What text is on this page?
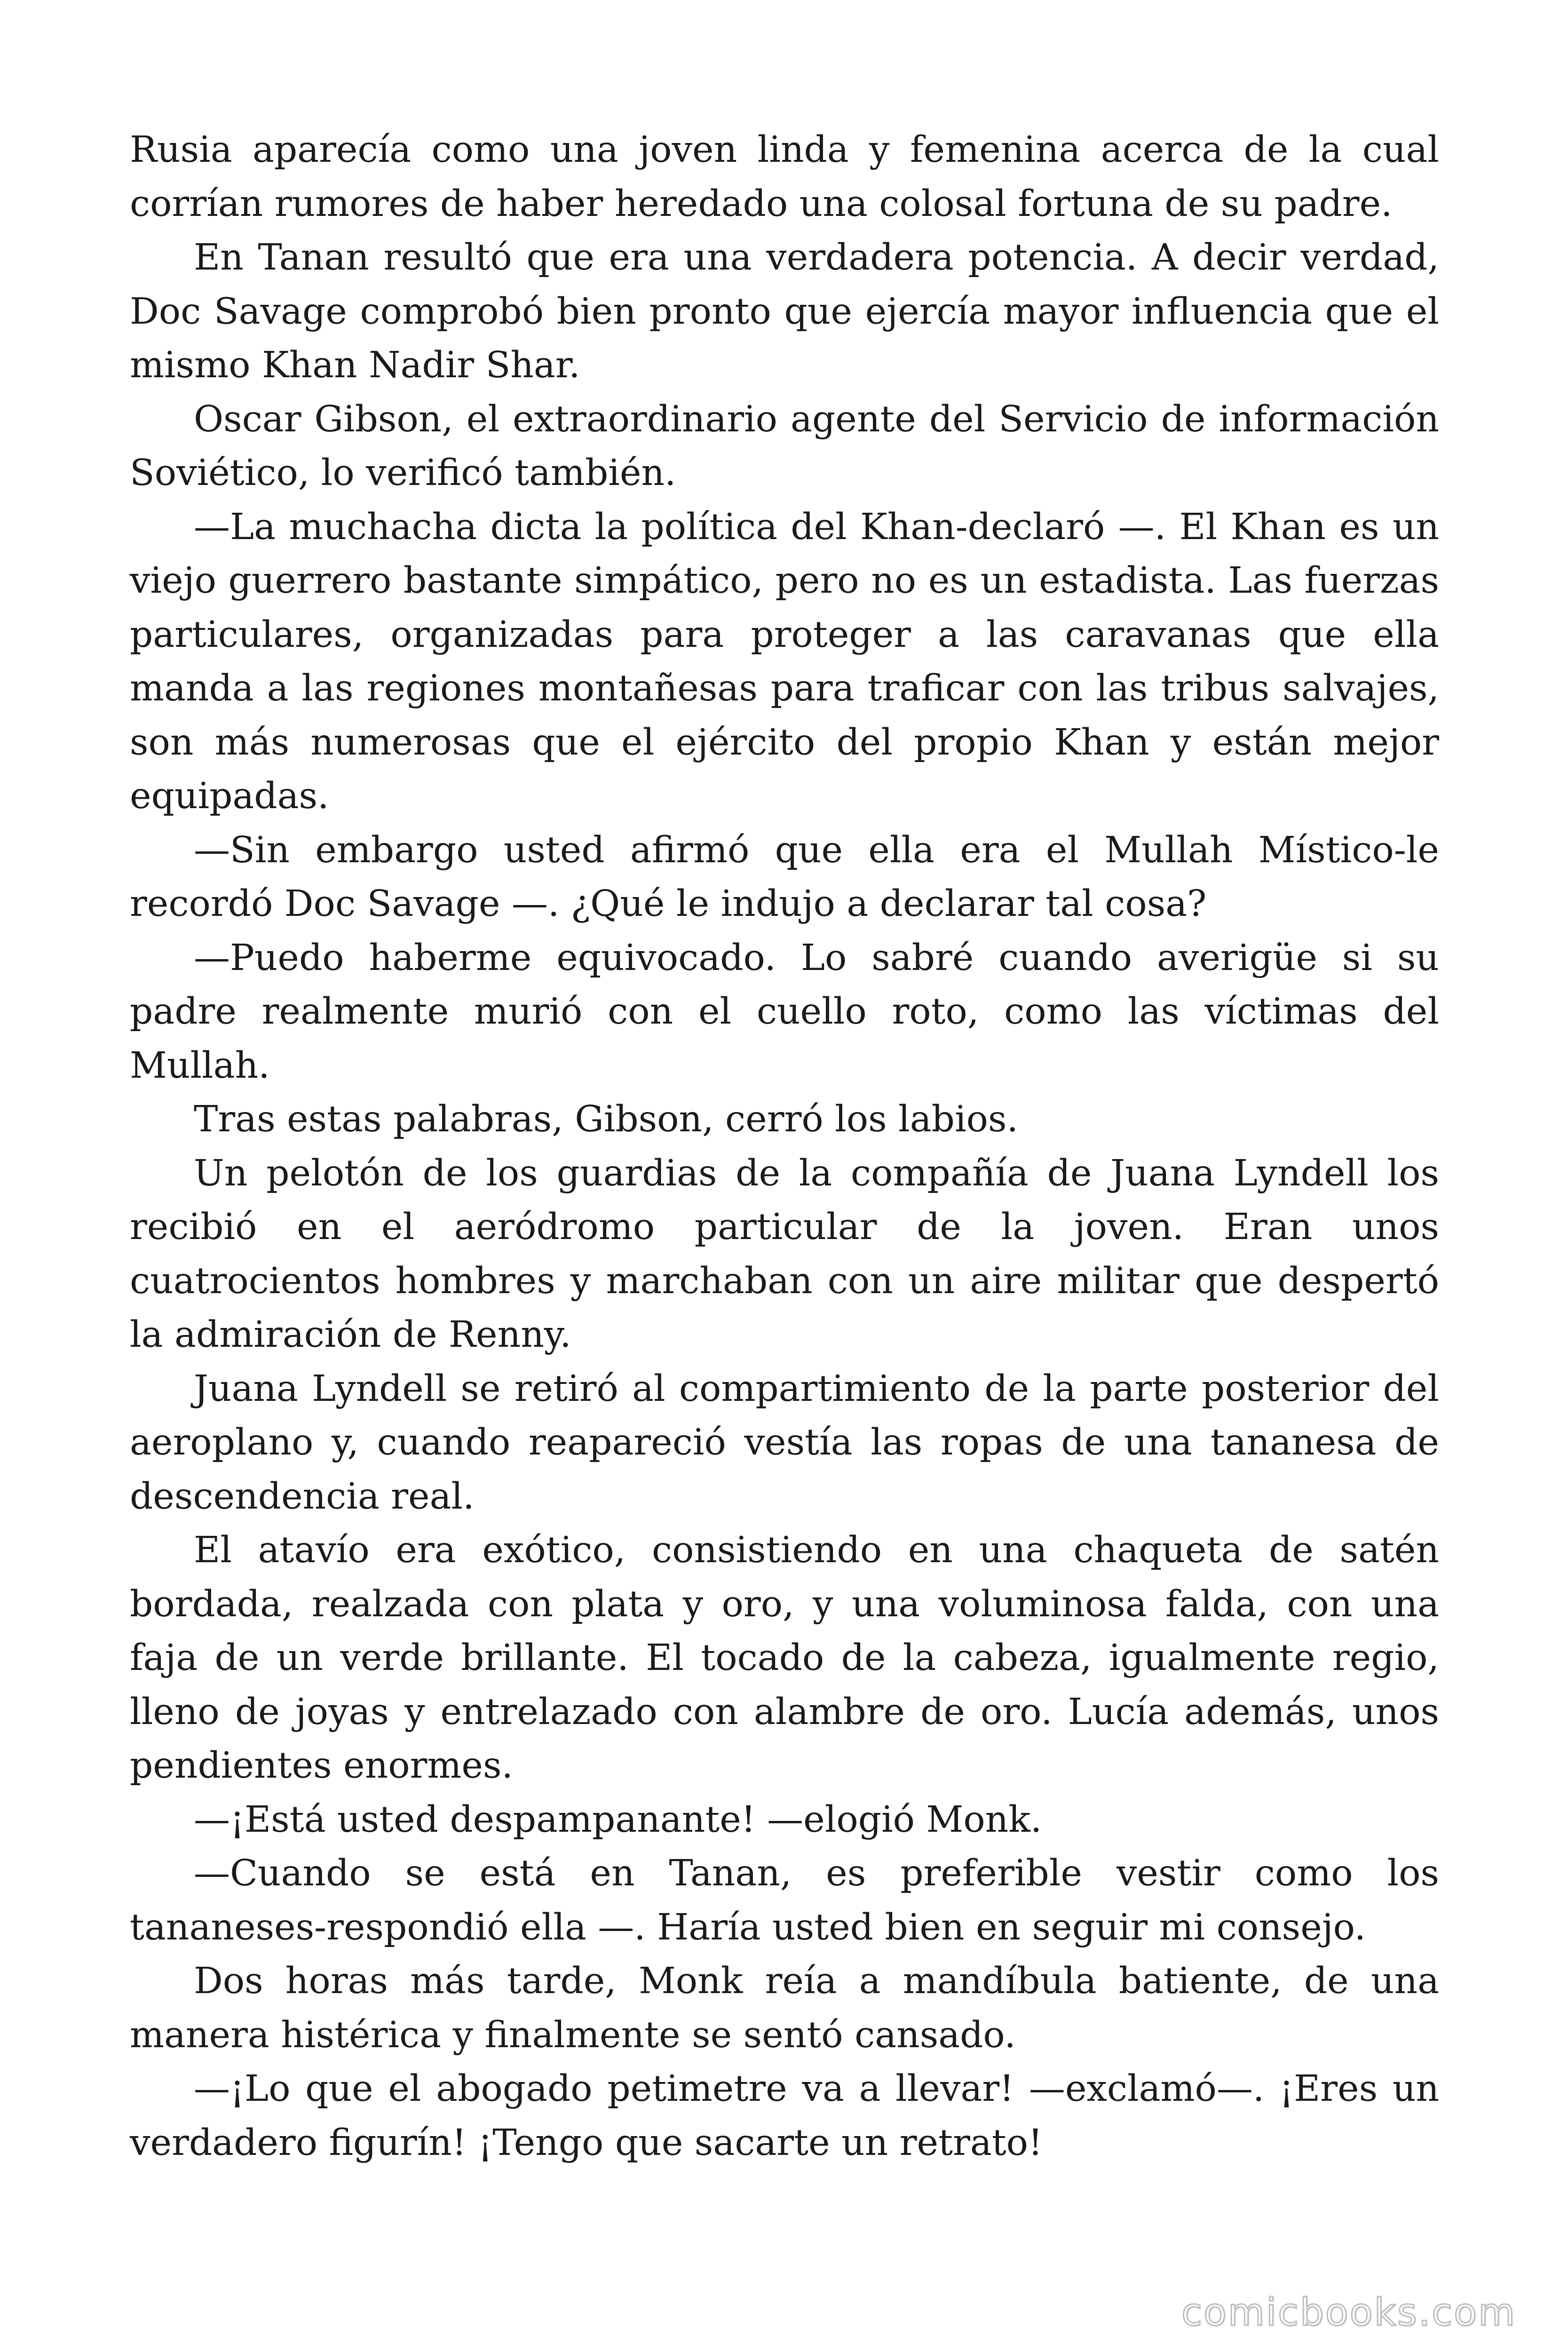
Rusia aparecía como una joven linda y femenina acerca de la cual corrían rumores de haber heredado una colosal fortuna de su padre.

En Tanan resultó que era una verdadera potencia. A decir verdad, Doc Savage comprobó bien pronto que ejercía mayor influencia que el mismo Khan Nadir Shar.

Oscar Gibson, el extraordinario agente del Servicio de información Soviético, lo verificó también.

—La muchacha dicta la política del Khan-declaró —. El Khan es un viejo guerrero bastante simpático, pero no es un estadista. Las fuerzas particulares, organizadas para proteger a las caravanas que ella manda a las regiones montañesas para traficar con las tribus salvajes, son más numerosas que el ejército del propio Khan y están mejor equipadas.

—Sin embargo usted afirmó que ella era el Mullah Místico-le recordó Doc Savage —. ¿Qué le indujo a declarar tal cosa?

—Puedo haberme equivocado. Lo sabré cuando averigüe si su padre realmente murió con el cuello roto, como las víctimas del Mullah.

Tras estas palabras, Gibson, cerró los labios.

Un pelotón de los guardias de la compañía de Juana Lyndell los recibió en el aeródromo particular de la joven. Eran unos cuatrocientos hombres y marchaban con un aire militar que despertó la admiración de Renny.

Juana Lyndell se retiró al compartimiento de la parte posterior del aeroplano y, cuando reapareció vestía las ropas de una tananesa de descendencia real.

El atavío era exótico, consistiendo en una chaqueta de satén bordada, realzada con plata y oro, y una voluminosa falda, con una faja de un verde brillante. El tocado de la cabeza, igualmente regio, lleno de joyas y entrelazado con alambre de oro. Lucía además, unos pendientes enormes.

—¡Está usted despampanante! —elogió Monk.

—Cuando se está en Tanan, es preferible vestir como los tananeses-respondió ella —. Haría usted bien en seguir mi consejo.

Dos horas más tarde, Monk reía a mandíbula batiente, de una manera histérica y finalmente se sentó cansado.

—¡Lo que el abogado petimetre va a llevar! —exclamó—. ¡Eres un verdadero figurín! ¡Tengo que sacarte un retrato!

comicbooks.com
